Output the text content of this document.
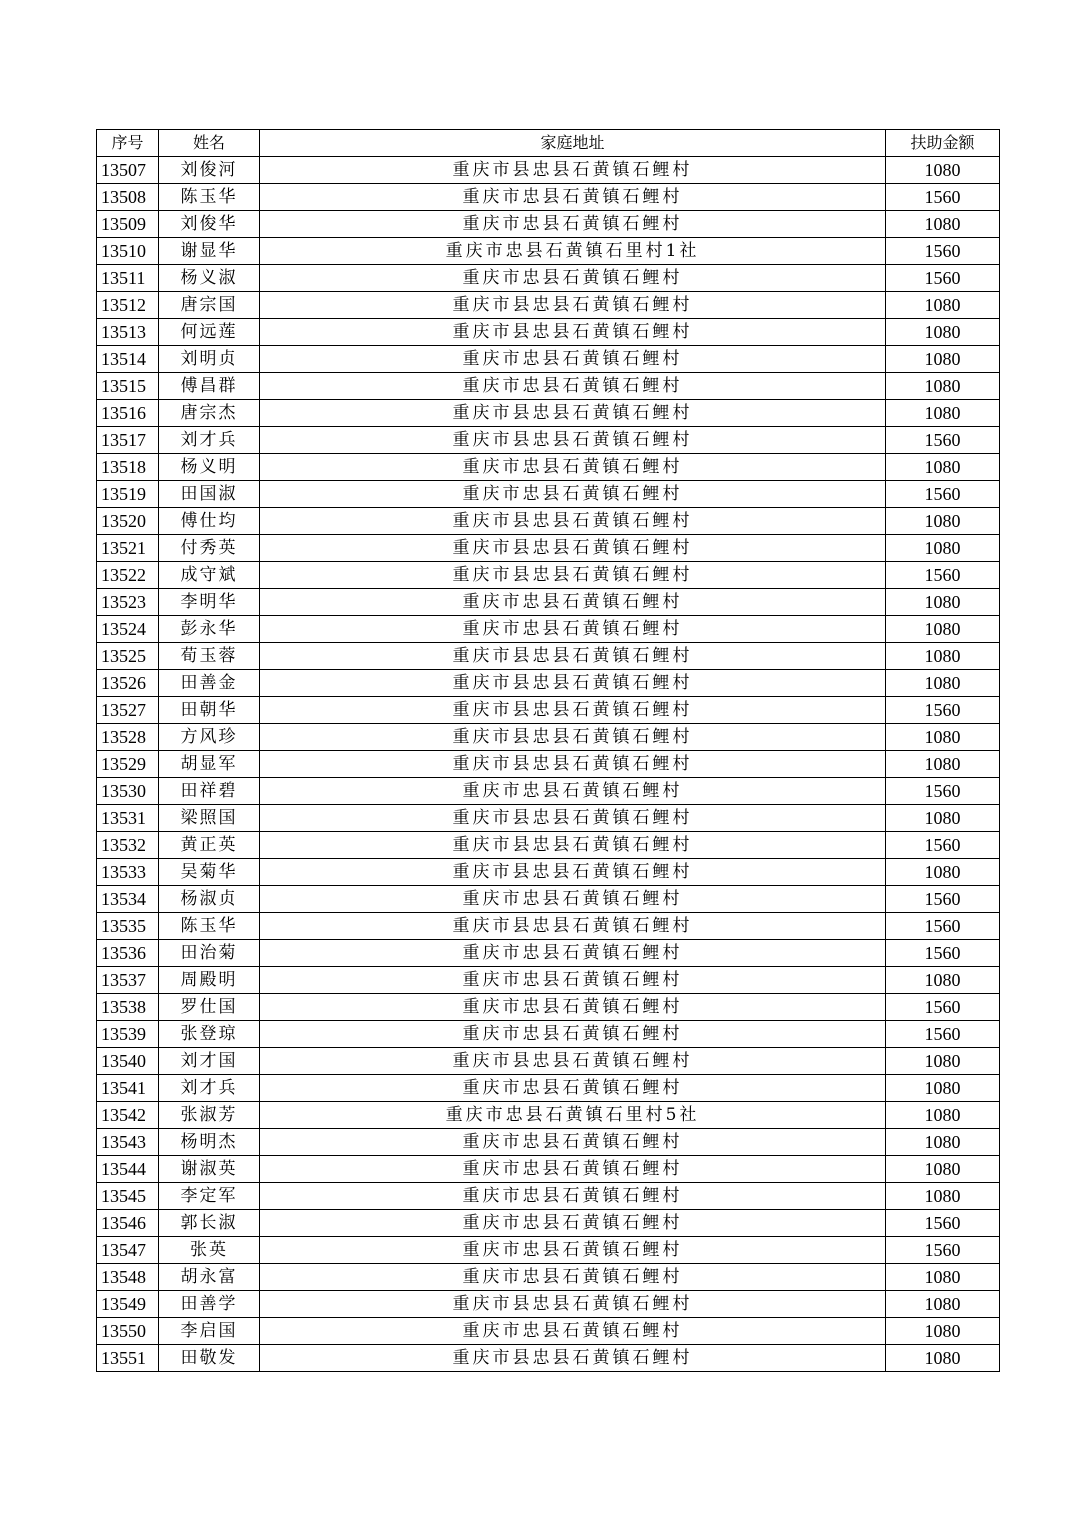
序号	姓名	家庭地址	扶助金额
13507	刘俊河	重庆市县忠县石黄镇石鲤村	1080
13508	陈玉华	重庆市忠县石黄镇石鲤村	1560
13509	刘俊华	重庆市忠县石黄镇石鲤村	1080
13510	谢显华	重庆市忠县石黄镇石里村1社	1560
13511	杨义淑	重庆市忠县石黄镇石鲤村	1560
13512	唐宗国	重庆市县忠县石黄镇石鲤村	1080
13513	何远莲	重庆市县忠县石黄镇石鲤村	1080
13514	刘明贞	重庆市忠县石黄镇石鲤村	1080
13515	傅昌群	重庆市忠县石黄镇石鲤村	1080
13516	唐宗杰	重庆市县忠县石黄镇石鲤村	1080
13517	刘才兵	重庆市县忠县石黄镇石鲤村	1560
13518	杨义明	重庆市忠县石黄镇石鲤村	1080
13519	田国淑	重庆市忠县石黄镇石鲤村	1560
13520	傅仕均	重庆市县忠县石黄镇石鲤村	1080
13521	付秀英	重庆市县忠县石黄镇石鲤村	1080
13522	成守斌	重庆市县忠县石黄镇石鲤村	1560
13523	李明华	重庆市忠县石黄镇石鲤村	1080
13524	彭永华	重庆市忠县石黄镇石鲤村	1080
13525	荀玉蓉	重庆市县忠县石黄镇石鲤村	1080
13526	田善金	重庆市县忠县石黄镇石鲤村	1080
13527	田朝华	重庆市县忠县石黄镇石鲤村	1560
13528	方风珍	重庆市县忠县石黄镇石鲤村	1080
13529	胡显军	重庆市县忠县石黄镇石鲤村	1080
13530	田祥碧	重庆市忠县石黄镇石鲤村	1560
13531	梁照国	重庆市县忠县石黄镇石鲤村	1080
13532	黄正英	重庆市县忠县石黄镇石鲤村	1560
13533	吴菊华	重庆市县忠县石黄镇石鲤村	1080
13534	杨淑贞	重庆市忠县石黄镇石鲤村	1560
13535	陈玉华	重庆市县忠县石黄镇石鲤村	1560
13536	田治菊	重庆市忠县石黄镇石鲤村	1560
13537	周殿明	重庆市忠县石黄镇石鲤村	1080
13538	罗仕国	重庆市忠县石黄镇石鲤村	1560
13539	张登琼	重庆市忠县石黄镇石鲤村	1560
13540	刘才国	重庆市县忠县石黄镇石鲤村	1080
13541	刘才兵	重庆市忠县石黄镇石鲤村	1080
13542	张淑芳	重庆市忠县石黄镇石里村5社	1080
13543	杨明杰	重庆市忠县石黄镇石鲤村	1080
13544	谢淑英	重庆市忠县石黄镇石鲤村	1080
13545	李定军	重庆市忠县石黄镇石鲤村	1080
13546	郭长淑	重庆市忠县石黄镇石鲤村	1560
13547	张英	重庆市忠县石黄镇石鲤村	1560
13548	胡永富	重庆市忠县石黄镇石鲤村	1080
13549	田善学	重庆市县忠县石黄镇石鲤村	1080
13550	李启国	重庆市忠县石黄镇石鲤村	1080
13551	田敬发	重庆市县忠县石黄镇石鲤村	1080
